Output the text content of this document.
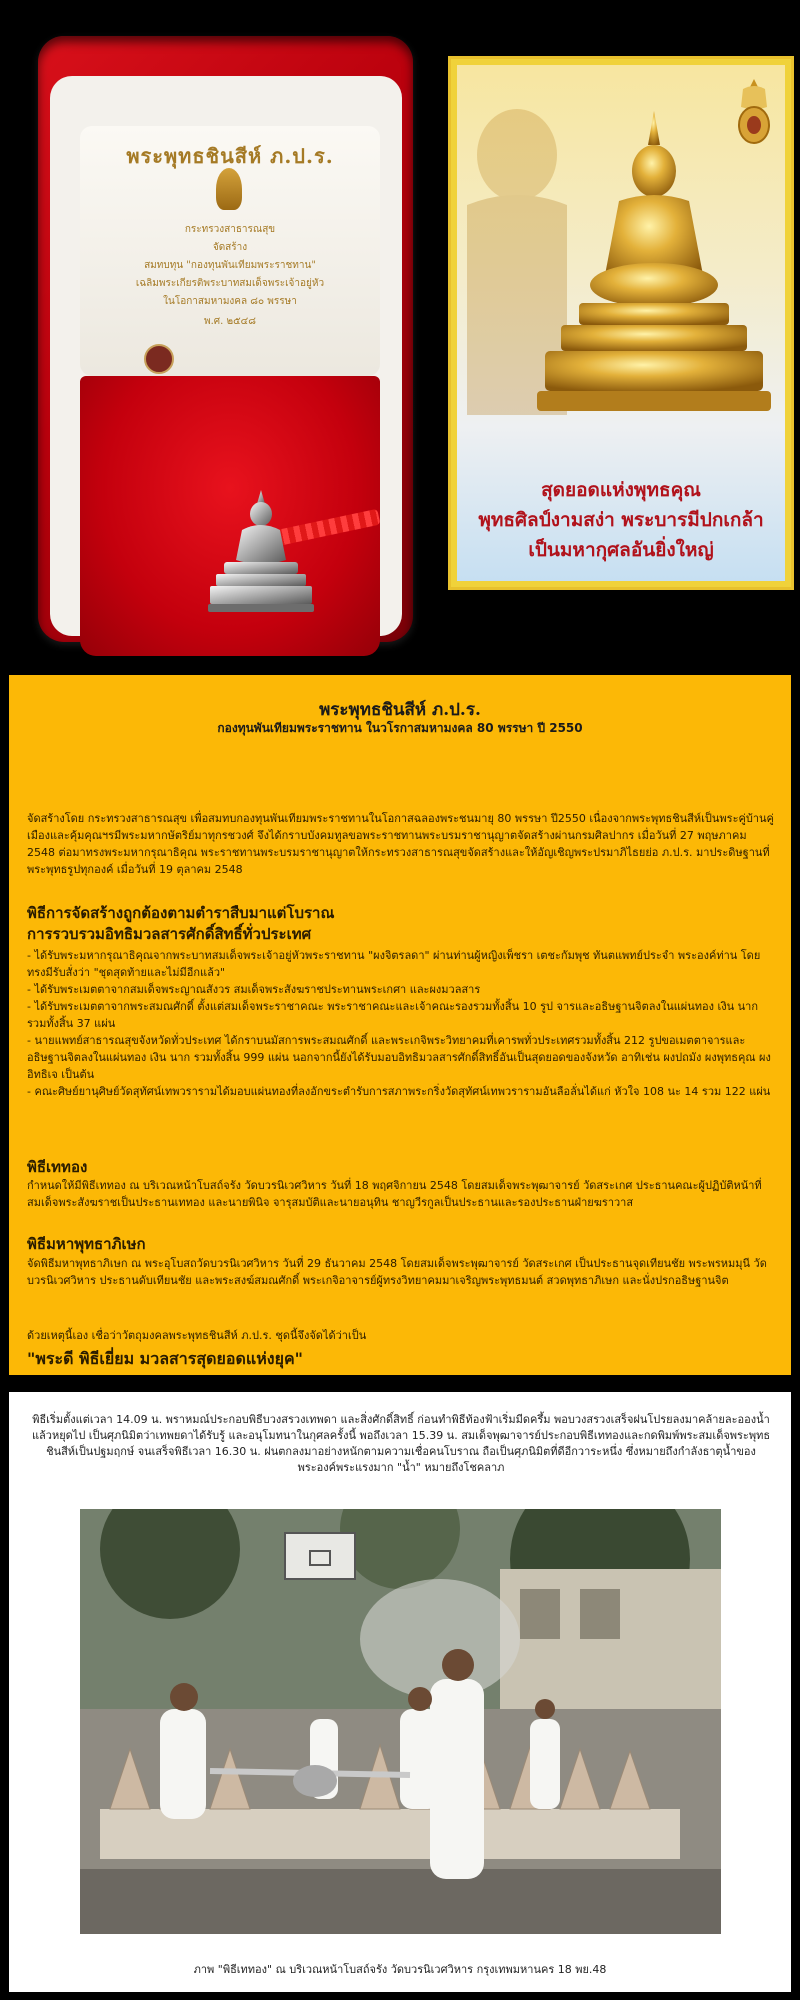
พระพุทธชินสีห์ ภ.ป.ร.
กระทรวงสาธารณสุข
จัดสร้าง
สมทบทุน "กองทุนพันเทียมพระราชทาน"
เฉลิมพระเกียรติพระบาทสมเด็จพระเจ้าอยู่หัว
ในโอกาสมหามงคล ๘๐ พรรษา
พ.ศ. ๒๕๔๘
สุดยอดแห่งพุทธคุณ
พุทธศิลป์งามสง่า พระบารมีปกเกล้า
เป็นมหากุศลอันยิ่งใหญ่
พระพุทธชินสีห์ ภ.ป.ร.
กองทุนพันเทียมพระราชทาน ในวโรกาสมหามงคล 80 พรรษา ปี 2550

จัดสร้างโดย กระทรวงสาธารณสุข เพื่อสมทบกองทุนพันเทียมพระราชทานในโอกาสฉลองพระชนมายุ 80 พรรษา ปี2550 เนื่องจากพระพุทธชินสีห์เป็นพระคู่บ้านคู่เมืองและคุ้มคุณฯรมีพระมหากษัตริย์มาทุกรชวงศ์ จึงได้กราบบังคมทูลขอพระราชทานพระบรมราชานุญาตจัดสร้างผ่านกรมศิลปากร เมื่อวันที่ 27 พฤษภาคม 2548 ต่อมาทรงพระมหากรุณาธิคุณ พระราชทานพระบรมราชานุญาตให้กระทรวงสาธารณสุขจัดสร้างและให้อัญเชิญพระปรมาภิไธยย่อ ภ.ป.ร. มาประดิษฐานที่พระพุทธรูปทุกองค์ เมื่อวันที่ 19 ตุลาคม 2548

พิธีการจัดสร้างถูกต้องตามตำราสืบมาแต่โบราณ
การรวบรวมอิทธิมวลสารศักดิ์สิทธิ์ทั่วประเทศ
- ได้รับพระมหากรุณาธิคุณจากพระบาทสมเด็จพระเจ้าอยู่หัวพระราชทาน "ผงจิตรลดา" ผ่านท่านผู้หญิงเพ็ชรา เตชะกัมพุช ทันตแพทย์ประจำ พระองค์ท่าน โดยทรงมีรับสั่งว่า "ชุดสุดท้ายและไม่มีอีกแล้ว"
- ได้รับพระเมตตาจากสมเด็จพระญาณสังวร สมเด็จพระสังฆราชประทานพระเกศา และผงมวลสาร
- ได้รับพระเมตตาจากพระสมณศักดิ์ ตั้งแต่สมเด็จพระราชาคณะ พระราชาคณะและเจ้าคณะรองรวมทั้งสิ้น 10 รูป จารและอธิษฐานจิตลงในแผ่นทอง เงิน นาก รวมทั้งสิ้น 37 แผ่น
- นายแพทย์สาธารณสุขจังหวัดทั่วประเทศ ได้กราบนมัสการพระสมณศักดิ์ และพระเกจิพระวิทยาคมที่เคารพทั่วประเทศรวมทั้งสิ้น 212 รูปขอเมตตาจารและอธิษฐานจิตลงในแผ่นทอง เงิน นาก รวมทั้งสิ้น 999 แผ่น นอกจากนี้ยังได้รับมอบอิทธิมวลสารศักดิ์สิทธิ์อันเป็นสุดยอดของจังหวัด อาทิเช่น ผงปถมัง ผงพุทธคุณ ผงอิทธิเจ เป็นต้น
- คณะศิษย์ยานุศิษย์วัดสุทัศน์เทพวรารามได้มอบแผ่นทองที่ลงอักขระตำรับการสภาพระกริ่งวัดสุทัศน์เทพวรารามอันลือลั่นได้แก่ หัวใจ 108 นะ 14 รวม 122 แผ่น
พิธีเททอง

กำหนดให้มีพิธีเททอง ณ บริเวณหน้าโบสถ์จรัง วัดบวรนิเวศวิหาร วันที่ 18 พฤศจิกายน 2548 โดยสมเด็จพระพุฒาจารย์ วัดสระเกศ ประธานคณะผู้ปฏิบัติหน้าที่สมเด็จพระสังฆราชเป็นประธานเททอง และนายพินิจ จารุสมบัติและนายอนุทิน ชาญวีรกูลเป็นประธานและรองประธานฝ่ายฆราวาส

พิธีมหาพุทธาภิเษก

จัดพิธีมหาพุทธาภิเษก ณ พระอุโบสถวัดบวรนิเวศวิหาร วันที่ 29 ธันวาคม 2548 โดยสมเด็จพระพุฒาจารย์ วัดสระเกศ เป็นประธานจุดเทียนชัย พระพรหมมุนี วัดบวรนิเวศวิหาร ประธานดับเทียนชัย และพระสงฆ์สมณศักดิ์ พระเกจิอาจารย์ผู้ทรงวิทยาคมมาเจริญพระพุทธมนต์ สวดพุทธาภิเษก และนั่งปรกอธิษฐานจิต

ด้วยเหตุนี้เอง เชื่อว่าวัตถุมงคลพระพุทธชินสีห์ ภ.ป.ร. ชุดนี้จึงจัดได้ว่าเป็น

"พระดี พิธีเยี่ยม มวลสารสุดยอดแห่งยุค"
พิธีเริ่มตั้งแต่เวลา 14.09 น. พราหมณ์ประกอบพิธีบวงสรวงเทพดา และสิ่งศักดิ์สิทธิ์ ก่อนทำพิธีท้องฟ้าเริ่มมีดครึ้ม พอบวงสรวงเสร็จฝนโปรยลงมาคล้ายละอองน้ำ แล้วหยุดไป เป็นศุภนิมิตว่าเทพยดาได้รับรู้ และอนุโมทนาในกุศลครั้งนี้ พอถึงเวลา 15.39 น. สมเด็จพุฒาจารย์ประกอบพิธีเททองและกดพิมพ์พระสมเด็จพระพุทธชินสีห์เป็นปฐมฤกษ์ จนเสร็จพิธีเวลา 16.30 น. ฝนตกลงมาอย่างหนักตามความเชื่อคนโบราณ ถือเป็นศุภนิมิตที่ดีอีกวาระหนึ่ง ซึ่งหมายถึงกำลังธาตุน้ำของพระองค์พระแรงมาก "น้ำ" หมายถึงโชคลาภ
ภาพ "พิธีเททอง" ณ บริเวณหน้าโบสถ์จรัง วัดบวรนิเวศวิหาร กรุงเทพมหานคร 18 พย.48
